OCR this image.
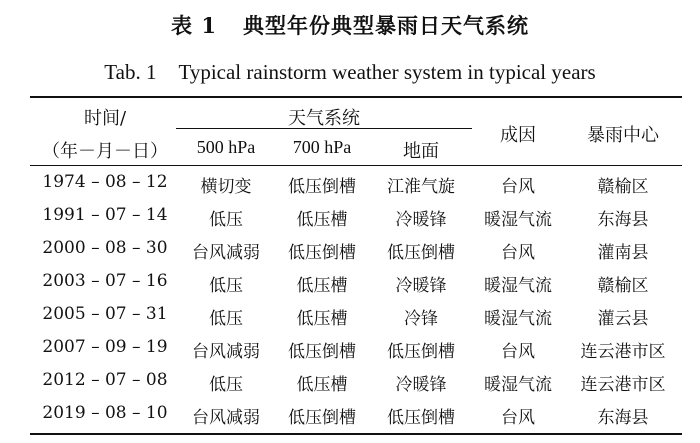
表 1 典型年份典型暴雨日天气系统
Tab. 1 Typical rainstorm weather system in typical years
时间/
（年－月－日）
天气系统
500 hPa	700 hPa	地面
成因	暴雨中心
1974 – 08 – 12	横切变	低压倒槽	江淮气旋	台风	赣榆区
1991 – 07 – 14	低压	低压槽	冷暖锋	暖湿气流	东海县
2000 – 08 – 30	台风减弱	低压倒槽	低压倒槽	台风	灌南县
2003 – 07 – 16	低压	低压槽	冷暖锋	暖湿气流	赣榆区
2005 – 07 – 31	低压	低压槽	冷锋	暖湿气流	灌云县
2007 – 09 – 19	台风减弱	低压倒槽	低压倒槽	台风	连云港市区
2012 – 07 – 08	低压	低压槽	冷暖锋	暖湿气流	连云港市区
2019 – 08 – 10	台风减弱	低压倒槽	低压倒槽	台风	东海县
